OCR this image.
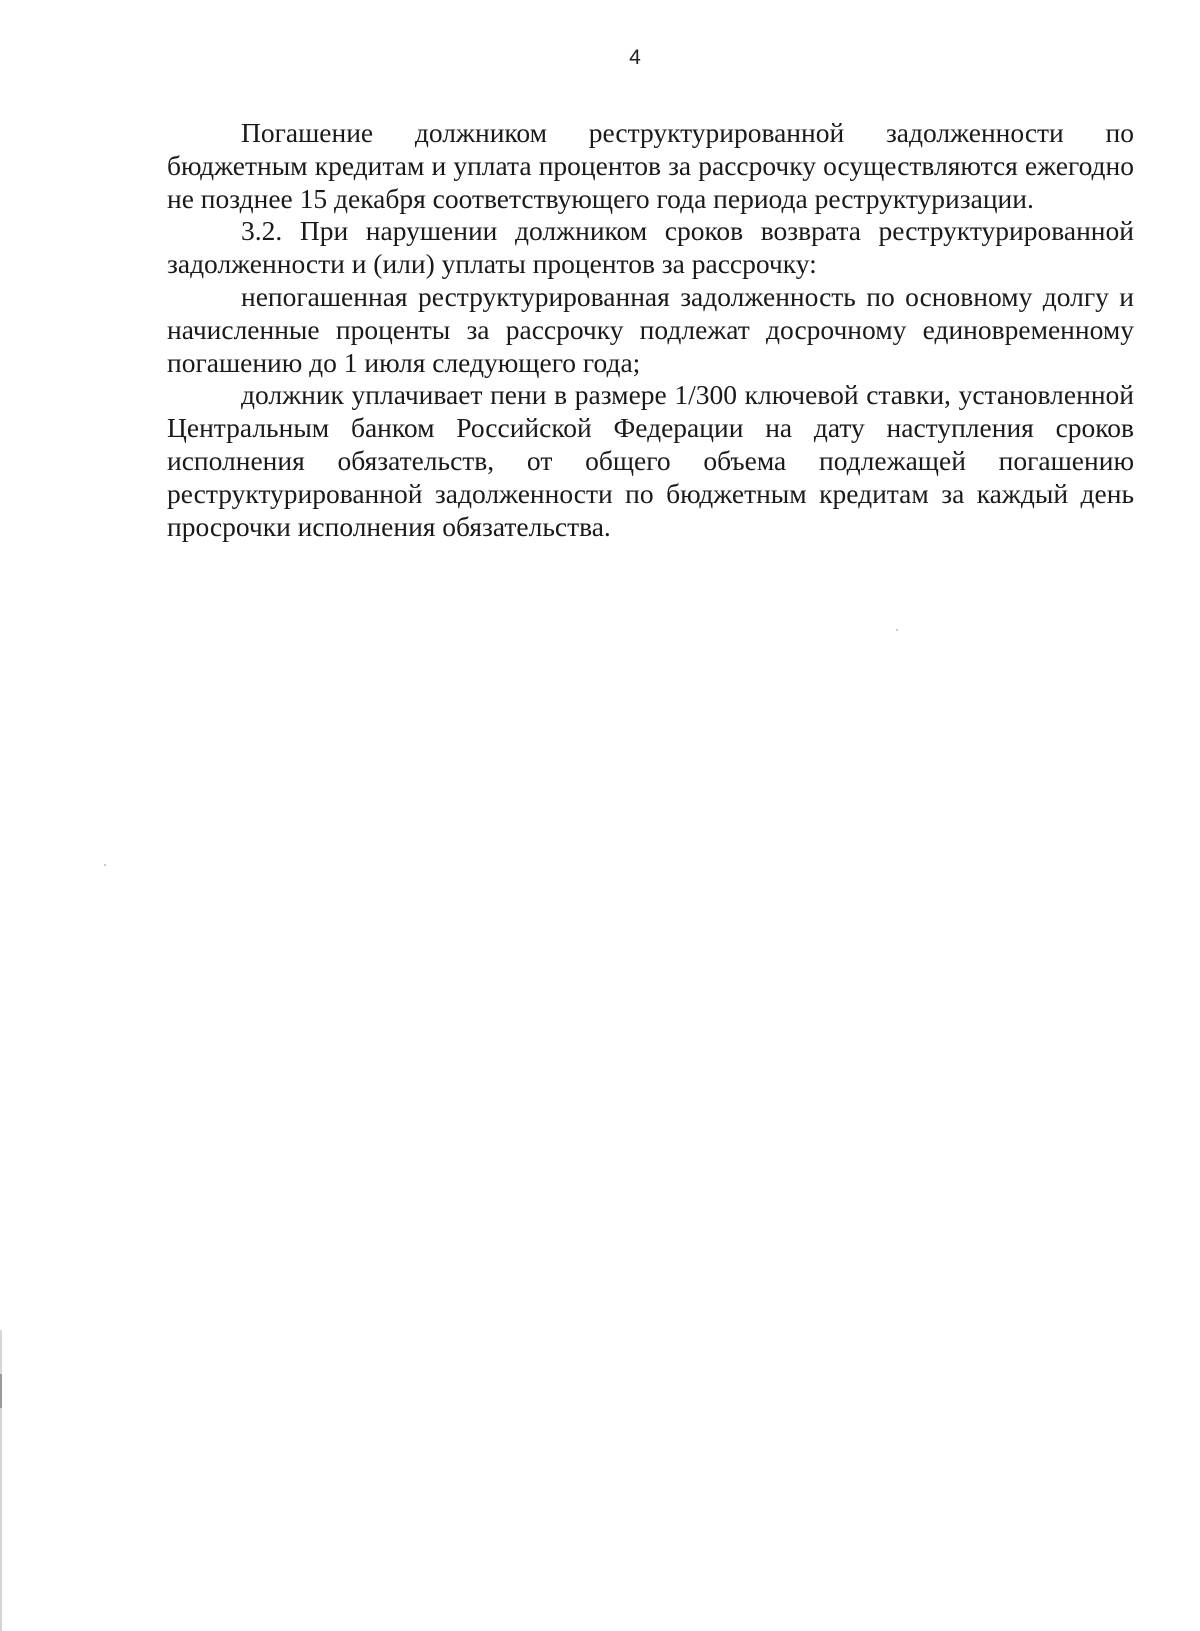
4

Погашение должником реструктурированной задолженности по бюджетным кредитам и уплата процентов за рассрочку осуществляются ежегодно не позднее 15 декабря соответствующего года периода реструктуризации.

3.2. При нарушении должником сроков возврата реструктурированной задолженности и (или) уплаты процентов за рассрочку:

непогашенная реструктурированная задолженность по основному долгу и начисленные проценты за рассрочку подлежат досрочному единовременному погашению до 1 июля следующего года;

должник уплачивает пени в размере 1/300 ключевой ставки, установленной Центральным банком Российской Федерации на дату наступления сроков исполнения обязательств, от общего объема подлежащей погашению реструктурированной задолженности по бюджетным кредитам за каждый день просрочки исполнения обязательства.
